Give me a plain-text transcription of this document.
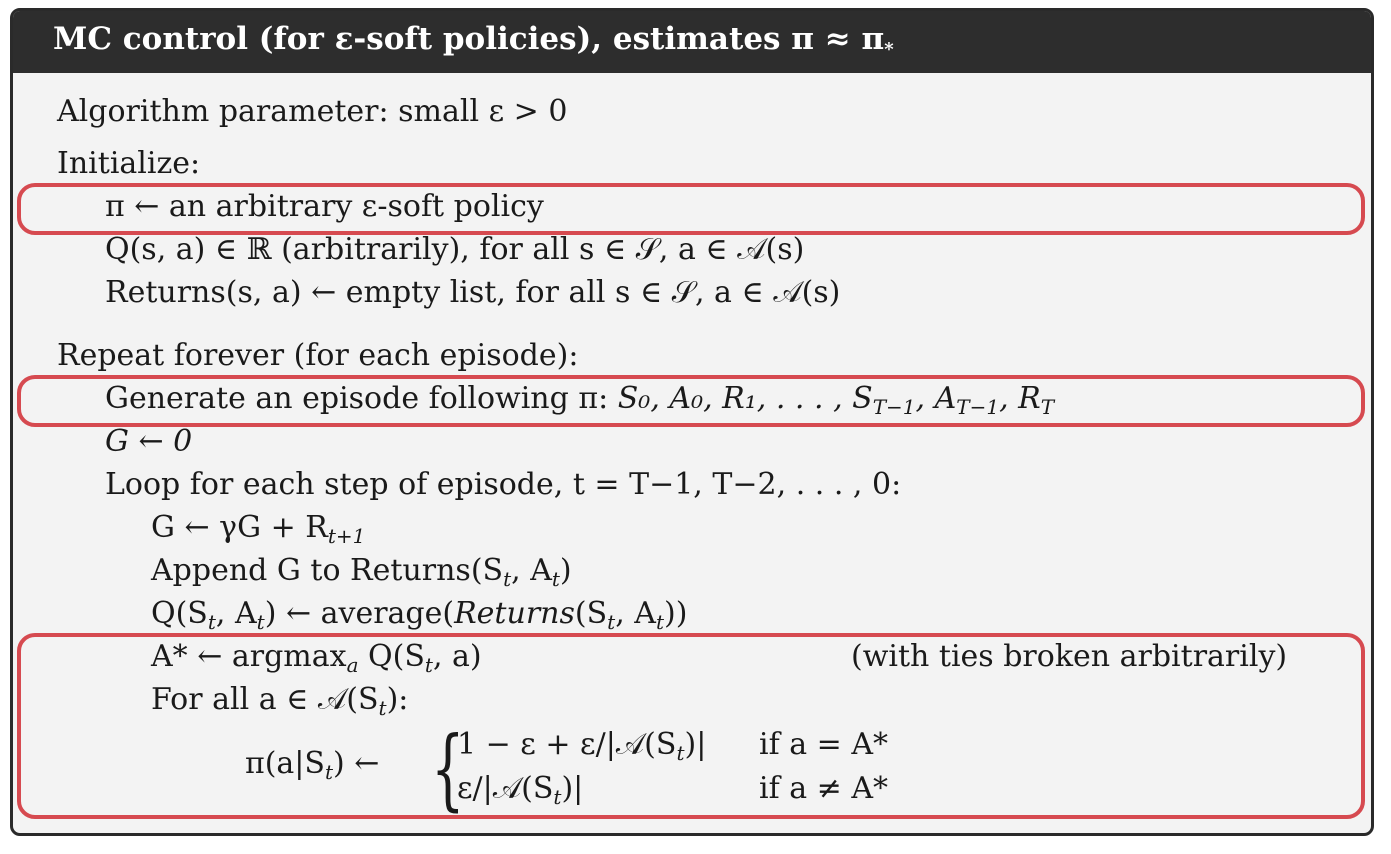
MC control (for ε-soft policies), estimates $\pi \approx \pi_*$
Algorithm parameter: small ε > 0
Initialize:
π ← an arbitrary ε-soft policy
Q(s, a) ∈ ℝ (arbitrarily), for all s ∈ 𝒮, a ∈ 𝒜(s)
Returns(s, a) ← empty list, for all s ∈ 𝒮, a ∈ 𝒜(s)
Repeat forever (for each episode):
Generate an episode following π: S₀, A₀, R₁, . . . , $S_{T-1}$, $A_{T-1}$, $R_T$
G ← 0
Loop for each step of episode, t = T−1, T−2, . . . , 0:
G ← $\gamma G + R_{t+1}$
Append G to $Returns(S_t$, $A_t$)
$Q(S_t$, $A_t$) ← $average(Returns(S_t$, $A_t$))
A* ← argmax$_a$ $Q(S_t$, a)	(with ties broken arbitrarily)
For all a ∈ $𝒜(S_t)$:
$\pi(a|S_t)$ ← {
$1 - \varepsilon + \varepsilon/|𝒜(S_t)|$ if a = A*
$\varepsilon/|𝒜(S_t)|$	if a ≠ A*
